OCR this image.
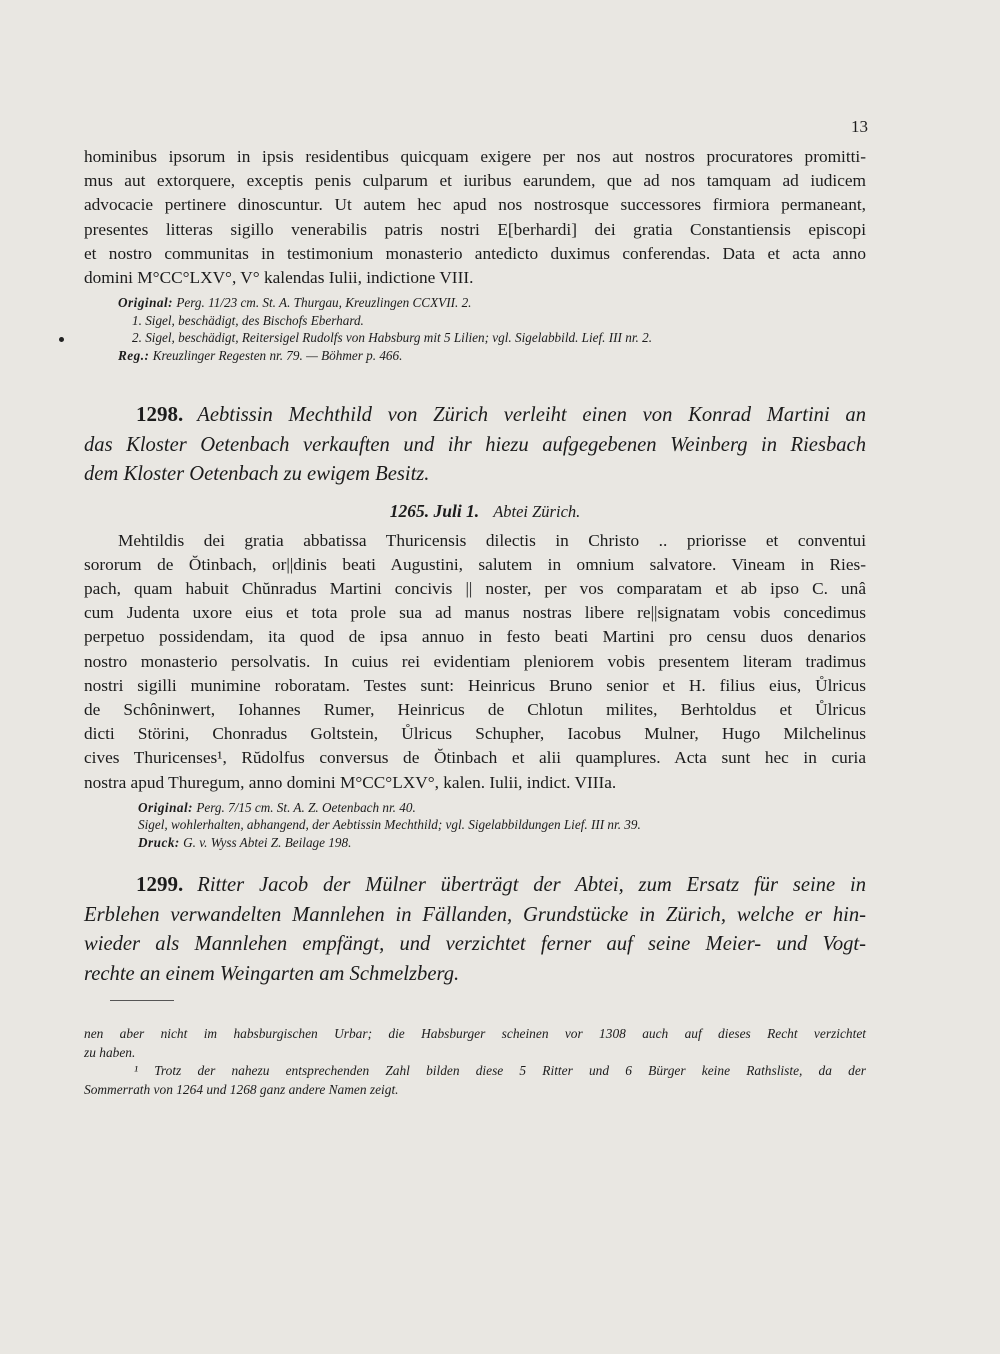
13
hominibus ipsorum in ipsis residentibus quicquam exigere per nos aut nostros procuratores promitti-
mus aut extorquere, exceptis penis culparum et iuribus earundem, que ad nos tamquam ad iudicem
advocacie pertinere dinoscuntur. Ut autem hec apud nos nostrosque successores firmiora permaneant,
presentes litteras sigillo venerabilis patris nostri E[berhardi] dei gratia Constantiensis episcopi
et nostro communitas in testimonium monasterio antedicto duximus conferendas. Data et acta anno
domini M°CC°LXV°, V° kalendas Iulii, indictione VIII.
Original: Perg. 11/23 cm. St. A. Thurgau, Kreuzlingen CCXVII. 2.
1. Sigel, beschädigt, des Bischofs Eberhard.
2. Sigel, beschädigt, Reitersigel Rudolfs von Habsburg mit 5 Lilien; vgl. Sigelabbild. Lief. III nr. 2.
Reg.: Kreuzlinger Regesten nr. 79. — Böhmer p. 466.
1298. Aebtissin Mechthild von Zürich verleiht einen von Konrad Martini an
das Kloster Oetenbach verkauften und ihr hiezu aufgegebenen Weinberg in Riesbach
dem Kloster Oetenbach zu ewigem Besitz.
1265. Juli 1. Abtei Zürich.
Mehtildis dei gratia abbatissa Thuricensis dilectis in Christo .. priorisse et conventui
sororum de Ŏtinbach, or||dinis beati Augustini, salutem in omnium salvatore. Vineam in Ries-
pach, quam habuit Chŭnradus Martini concivis || noster, per vos comparatam et ab ipso C. unâ
cum Judenta uxore eius et tota prole sua ad manus nostras libere re||signatam vobis concedimus
perpetuo possidendam, ita quod de ipsa annuo in festo beati Martini pro censu duos denarios
nostro monasterio persolvatis. In cuius rei evidentiam pleniorem vobis presentem literam tradimus
nostri sigilli munimine roboratam. Testes sunt: Heinricus Bruno senior et H. filius eius, Ůlricus
de Schôninwert, Iohannes Rumer, Heinricus de Chlotun milites, Berhtoldus et Ůlricus
dicti Störini, Chonradus Goltstein, Ůlricus Schupher, Iacobus Mulner, Hugo Milchelinus
cives Thuricenses¹, Rŭdolfus conversus de Ŏtinbach et alii quamplures. Acta sunt hec in curia
nostra apud Thuregum, anno domini M°CC°LXV°, kalen. Iulii, indict. VIIIa.
Original: Perg. 7/15 cm. St. A. Z. Oetenbach nr. 40.
Sigel, wohlerhalten, abhangend, der Aebtissin Mechthild; vgl. Sigelabbildungen Lief. III nr. 39.
Druck: G. v. Wyss Abtei Z. Beilage 198.
1299. Ritter Jacob der Mülner überträgt der Abtei, zum Ersatz für seine in
Erblehen verwandelten Mannlehen in Fällanden, Grundstücke in Zürich, welche er hin-
wieder als Mannlehen empfängt, und verzichtet ferner auf seine Meier- und Vogt-
rechte an einem Weingarten am Schmelzberg.
nen aber nicht im habsburgischen Urbar; die Habsburger scheinen vor 1308 auch auf dieses Recht verzichtet
zu haben.
¹ Trotz der nahezu entsprechenden Zahl bilden diese 5 Ritter und 6 Bürger keine Rathsliste, da der
Sommerrath von 1264 und 1268 ganz andere Namen zeigt.
